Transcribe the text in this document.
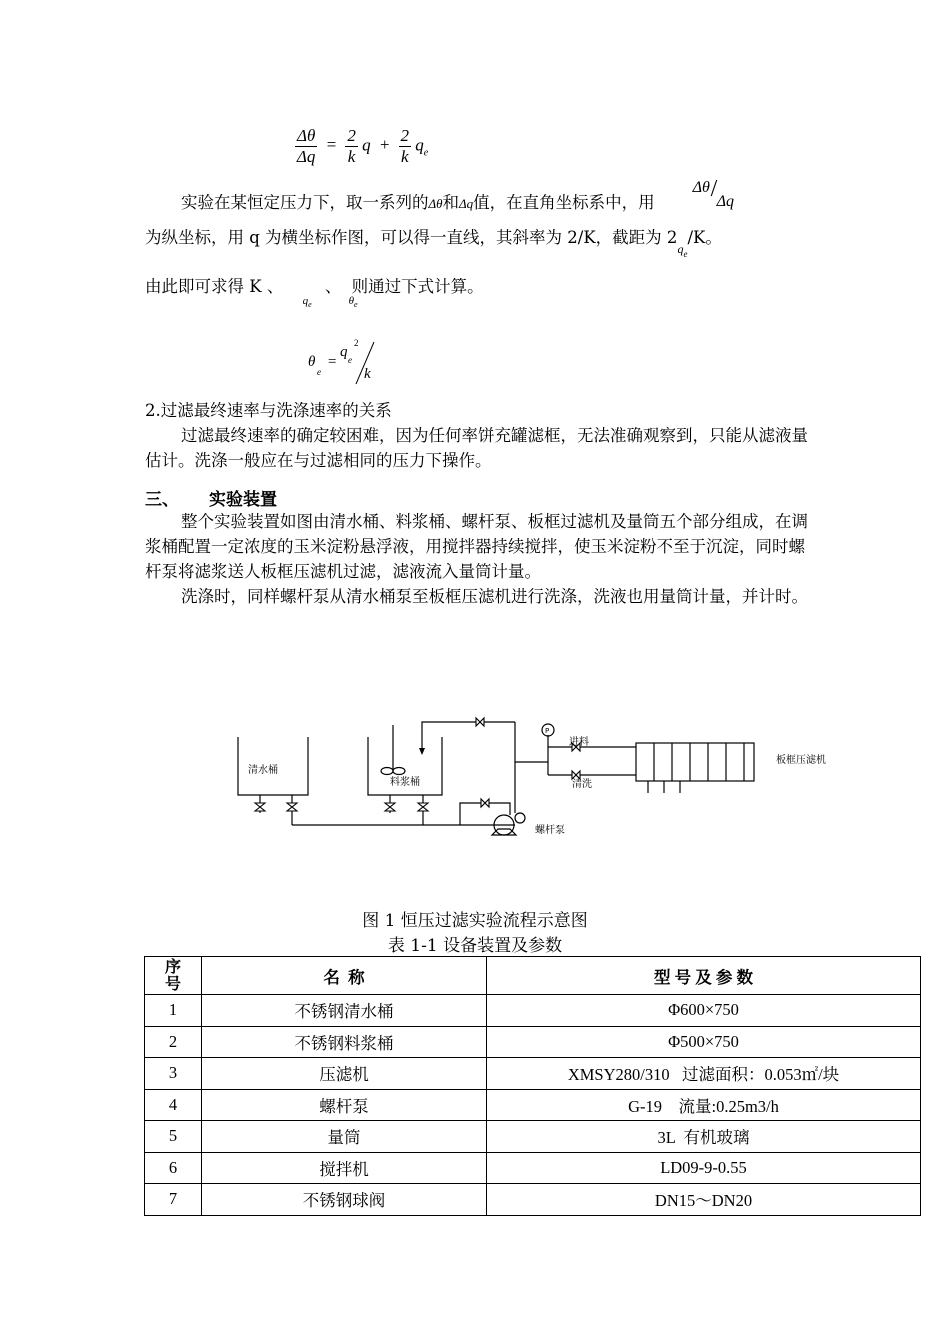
$\frac{\Delta\theta}{\Delta q} = \frac{2}{k}$ $q + \frac{2}{k} q_e$

实验在某恒定压力下，取一系列的Δθ和Δq值，在直角坐标系中，用
Δθ / Δq

为纵坐标，用 q 为横坐标作图，可以得一直线，其斜率为 2/K，截距为 $2_{qe}/K$。
由此即可求得 K 、 $_{qe}$ 、 $_{\theta e}$则通过下式计算。
θ
e
=
q e
2
k

2.过滤最终速率与洗涤速率的关系

过滤最终速率的确定较困难，因为任何率饼充罐滤框，无法准确观察到，只能从滤液量估计。洗涤一般应在与过滤相同的压力下操作。

三、 实验装置

整个实验装置如图由清水桶、料浆桶、螺杆泵、板框过滤机及量筒五个部分组成，在调浆桶配置一定浓度的玉米淀粉悬浮液，用搅拌器持续搅拌，使玉米淀粉不至于沉淀，同时螺杆泵将滤浆送人板框压滤机过滤，滤液流入量筒计量。

洗涤时，同样螺杆泵从清水桶泵至板框压滤机进行洗涤，洗液也用量筒计量，并计时。

清水桶
料浆桶
进料
清洗
螺杆泵
板框压滤机
P
图 1 恒压过滤实验流程示意图
表 1-1 设备装置及参数
序号	名  称	型 号 及 参 数
1	不锈钢清水桶	Φ600×750
2	不锈钢料浆桶	Φ500×750
3	压滤机	XMSY280/310   过滤面积：0.053㎡/块
4	螺杆泵	G-19    流量:0.25m3/h
5	量筒	3L  有机玻璃
6	搅拌机	LD09-9-0.55
7	不锈钢球阀	DN15～DN20
